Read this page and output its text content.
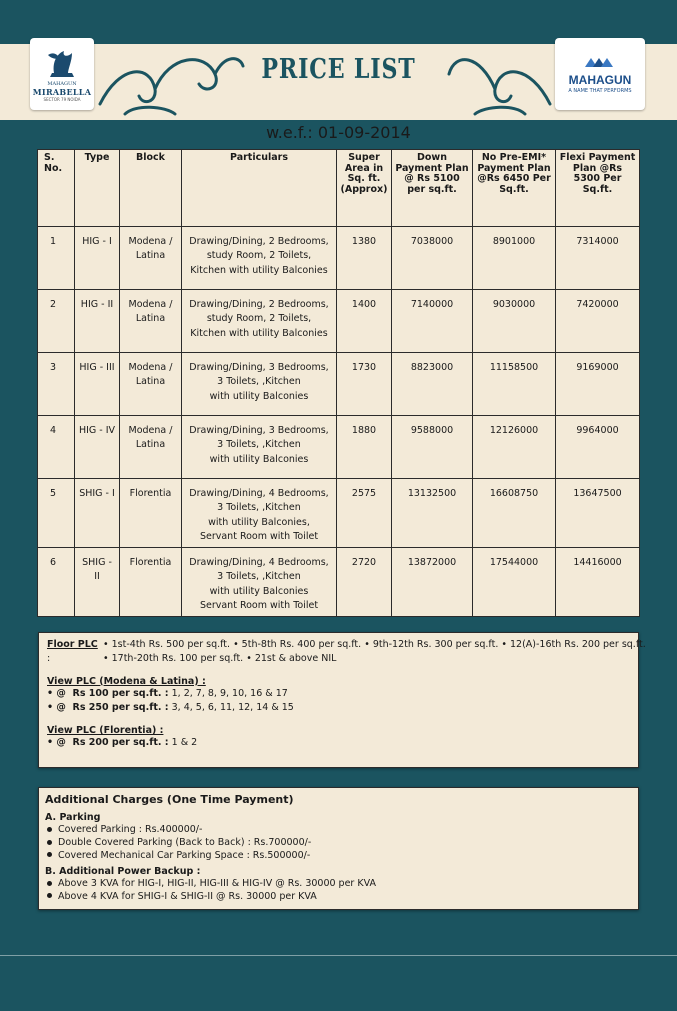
MAHAGUN
MIRABELLA
SECTOR 79 NOIDA
MAHAGUN
A NAME THAT PERFORMS
PRICE LIST
w.e.f.: 01-09-2014
S. No.	Type	Block	Particulars	Super Area in Sq. ft. (Approx)	Down Payment Plan @ Rs 5100 per sq.ft.	No Pre-EMI* Payment Plan @Rs 6450 Per Sq.ft.	Flexi Payment Plan @Rs 5300 Per Sq.ft.
1	HIG - I	Modena / Latina	Drawing/Dining, 2 Bedrooms,
study Room, 2 Toilets,
Kitchen with utility Balconies	1380	7038000	8901000	7314000
2	HIG - II	Modena / Latina	Drawing/Dining, 2 Bedrooms,
study Room, 2 Toilets,
Kitchen with utility Balconies	1400	7140000	9030000	7420000
3	HIG - III	Modena / Latina	Drawing/Dining, 3 Bedrooms,
3 Toilets, ,Kitchen
with utility Balconies	1730	8823000	11158500	9169000
4	HIG - IV	Modena / Latina	Drawing/Dining, 3 Bedrooms,
3 Toilets, ,Kitchen
with utility Balconies	1880	9588000	12126000	9964000
5	SHIG - I	Florentia	Drawing/Dining, 4 Bedrooms,
3 Toilets, ,Kitchen
with utility Balconies,
Servant Room with Toilet	2575	13132500	16608750	13647500
6	SHIG - II	Florentia	Drawing/Dining, 4 Bedrooms,
3 Toilets, ,Kitchen
with utility Balconies
Servant Room with Toilet	2720	13872000	17544000	14416000
Floor PLC :
• 1st-4th Rs. 500 per sq.ft. • 5th-8th Rs. 400 per sq.ft. • 9th-12th Rs. 300 per sq.ft. • 12(A)-16th Rs. 200 per sq.ft.
• 17th-20th Rs. 100 per sq.ft. • 21st & above NIL
View PLC (Modena & Latina) :
• @  Rs 100 per sq.ft. : 1, 2, 7, 8, 9, 10, 16 & 17
• @  Rs 250 per sq.ft. : 3, 4, 5, 6, 11, 12, 14 & 15
View PLC (Florentia) :
• @  Rs 200 per sq.ft. : 1 & 2
Additional Charges (One Time Payment)
A. Parking
Covered Parking : Rs.400000/-
Double Covered Parking (Back to Back) : Rs.700000/-
Covered Mechanical Car Parking Space : Rs.500000/-
B. Additional Power Backup :
Above 3 KVA for HIG-I, HIG-II, HIG-III & HIG-IV @ Rs. 30000 per KVA
Above 4 KVA for SHIG-I & SHIG-II @ Rs. 30000 per KVA
